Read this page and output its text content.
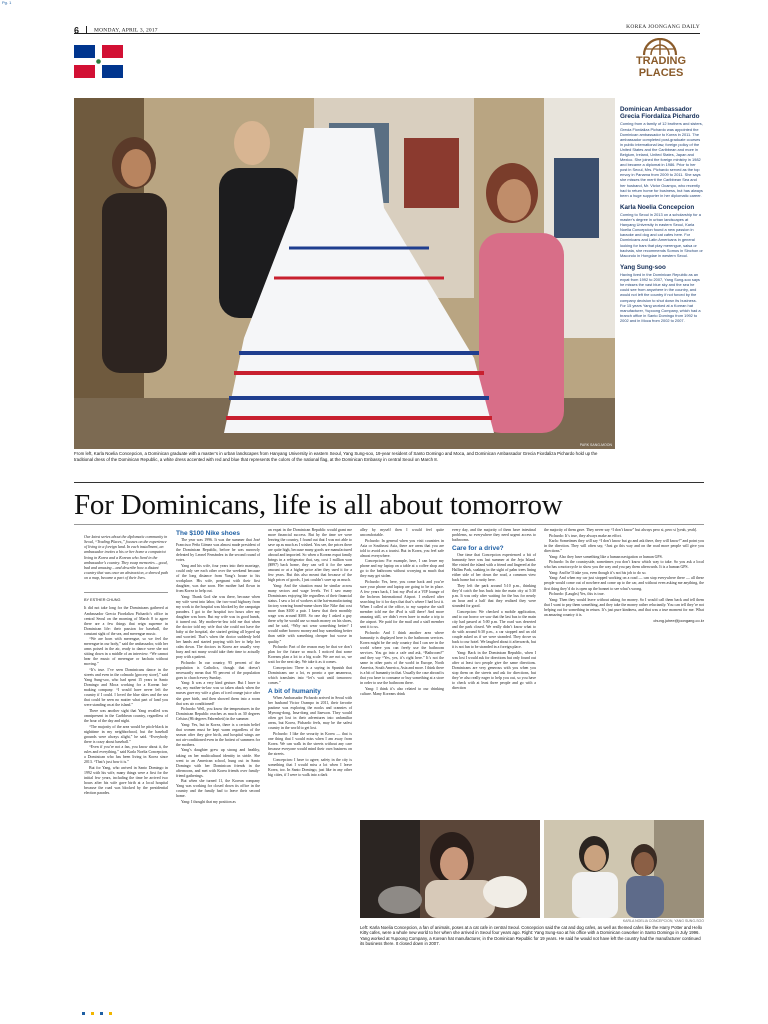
Pg. 1
6	MONDAY, APRIL 3, 2017
KOREA JOONGANG DAILY
TRADING
PLACES
PARK SANG-MOON
From left, Karla Noelia Concepcion, a Dominican graduate with a master’s in urban landscapes from Hanyang University in eastern Seoul, Yang Sung-soo, 19-year resident of Santo Domingo and Moca, and Dominican Ambassador Grecia Fiordaliza Pichardo hold up the traditional dress of the Dominican Republic, a white dress accented with red and blue that represents the colors of the national flag, at the Dominican Embassy in central Seoul on March 8.
Dominican Ambassador Grecia Fiordaliza Pichardo

Coming from a family of 12 brothers and sisters, Grecia Fiordaliza Pichardo was appointed the Dominican ambassador to Korea in 2011. The ambassador completed post-graduate courses in public international law, foreign policy of the United States and the Caribbean and more in Belgium, Ireland, United States, Japan and Mexico. She joined the foreign ministry in 1982 and became a diplomat in 1986. Prior to her post in Seoul, Mrs. Pichardo served as the top envoy in Panama from 2009 to 2011. She says she misses the merit the Caribbean Sea and her husband, Mr. Victor Ocampo, who recently had to return home for business, but has always been a huge supporter in her diplomatic career.

Karla Noelia Concepcion

Coming to Seoul in 2013 on a scholarship for a master’s degree in urban landscapes at Hanyang University in eastern Seoul, Karla Noelia Concepcion found a new passion in karaoke and dog and cat cafes here. For Dominicans and Latin Americans in general looking for bars that play merengue, salsa or bachata, she recommends Somos in Sinchon or Macondo in Hongdae in western Seoul.

Yang Sung-soo

Having lived in the Dominican Republic as an expat from 1992 to 2007, Yang Sung-soo says he misses the vast blue sky and the sea he could see from anywhere in the country, and would not left the country if not forced by the company decision to shut down its business. For 15 years Yang worked at a Korean hat manufacturer, Yupoong Company, which had a branch office in Santo Domingo from 1992 to 2002 and in Moca from 2002 to 2007.

For Dominicans, life is all about tomorrow
Our latest series about the diplomatic community in Seoul, “Trading Places,” focuses on the experience of living in a foreign land. In each installment, an ambassador invites a his or her home a compatriot living in Korea and a Korean who lived in the ambassador’s country. They swap memories – good, bad and amusing – and describe how a distant country that was once an abstraction, a shrewd path on a map, became a part of their lives.
BY ESTHER CHUNG

It did not take long for the Dominicans gathered at Ambassador Grecia Fiordaliza Pichardo’s office in central Seoul on the morning of March 8 to agree there are a few things that reign supreme in Dominican life: their passion for baseball, the constant sight of the sea, and merengue music.

“We are born with merengue, so we feel the merengue in our body,” said the ambassador, with her arms poised in the air, ready to dance were she not sitting down in a middle of an interview. “We cannot hear the music of merengue or bachata without moving.”

“It’s true. I’ve seen Dominicans dance in the streets and even in the colmado [grocery store],” said Yang Sung-soo, who had spent 15 years in Santo Domingo and Moca working for a Korean hat-making company. “I would have never left the country if I could. I loved the blue skies and the sea that could be seen no matter what part of land you were standing on at the island.”

There was another sight that Yang recalled was omnipresent in the Caribbean country, regardless of the hour of the day and night.

“The majority of the area would be pitch-black in nighttime in my neighborhood, but the baseball grounds were always alight,” he said. “Everybody there is crazy about baseball.”

“Even if you’re not a fan, you know about it, the rules and everything,” said Karla Noelia Concepcion, a Dominican who has been living in Korea since 2013. “That’s just how it is.”

But for Yang, who arrived in Santo Domingo in 1992 with his wife, many things were a first for the initial few years, including the time he arrived two hours after his wife gave birth at a local hospital because the road was blocked by the presidential election parades.

The $100 Nike shoes

The year was 1996. It was the summer that José Francisco Peña Gómez was almost made president of the Dominican Republic, before he was narrowly defeated by Leonel Fernández in the second round of votes.

Yang and his wife, four years into their marriage, could only see each other over the weekend because of the long distance from Yang’s house to his workplace. His wife, pregnant with their first daughter, was due soon. Her mother had flown in from Korea to help out.

Yang: Thank God she was there, because when my wife went into labor, the two-road highway from my work to the hospital was blocked by the campaign paraders. I got to the hospital two hours after my daughter was born. But my wife was in good hands, it turned out. My mother-in-law told me that when the doctor told my wife that she could not have the baby at the hospital, she started getting all hyped up and worried. That’s when the doctor suddenly held her hands and started praying with her to help her calm down. The doctors in Korea are usually very busy and not many would take their time to actually pray with a patient.

Pichardo: In our country, 95 percent of the population is Catholics, though that doesn’t necessarily mean that 95 percent of the population goes to church every Sunday.

Yang: It was a very kind gesture. But I have to say, my mother-in-law was so taken aback when the nurses gave my wife a glass of iced orange juice after she gave birth, and then showed them into a room that was air conditioned!

Pichardo: Well, you know the temperatures in the Dominican Republic reaches as much as 30 degrees Celsius (86 degrees Fahrenheit) in the summer.

Yang: Yes, but in Korea, there is a certain belief that women must be kept warm regardless of the season after they give birth, and hospital wings are not air-conditioned even in the hottest of summers for the mothers.

Yang’s daughter grew up strong and healthy, taking on her multicultural identity in stride. She went to an American school, hung out in Santo Domingo with her Dominican friends in the afternoons, and met with Korea friends over family-friend gatherings.

But when she turned 11, the Korean company Yang was working for closed down its office in the country and the family had to leave their second home.

Yang: I thought that my position as

an expat in the Dominican Republic would grant me more financial success. But by the time we were leaving the country, I found out that I was not able to save up as much as I wished. You see, the prices there are quite high, because many goods are manufactured abroad and imported. So when a Korean expat family brings in a refrigerator that, say, cost 1 million won ($897) back home, they can sell it for the same amount or at a higher price after they used it for a few years. But this also meant that because of the high prices of goods, I just couldn’t save up as much.

Yang: And the situation must be similar across many sectors and wage levels. Yet I saw many Dominicans enjoying life regardless of their financial status. I saw a lot of workers at the hat-manufacturing factory wearing brand-name shoes like Nike that cost more than $100 a pair. I knew that their monthly wage was around $300. So one day I asked a guy there why he would use so much money on his shoes, and he said, “Why not wear something better? I would rather borrow money and buy something better than settle with something cheaper but worse in quality.”

Pichardo: Part of the reason may be that we don’t plan for the future so much. I noticed that some Koreans plan a lot to a big scale. We are not so, we wait for the next day. We take it as it comes.

Concepcion: There is a saying in Spanish that Dominicans use a lot, es pronto a que amanezca, which translates into “let’s wait until tomorrow comes.”

A bit of humanity

When Ambassador Pichardo arrived in Seoul with her husband Victor Ocampo in 2011, their favorite pastime was exploring the nooks and crannies of Myeong-dong, Insa-dong and Itaewon. They would often get lost in their adventures into unfamiliar areas, but Korea, Pichardo feels, may be the safest country in the world to get lost.

Pichardo: I like the security in Korea — that is one thing that I would miss when I am away from Korea. We can walk in the streets without any care because everyone would mind their own business on the streets.

Concepcion: I have to agree, safety in the city is something that I would miss a lot when I leave Korea, too. In Santo Domingo, just like in any other big cities, if I were to walk into a dark

alley by myself then I would feel quite uncomfortable.

Pichardo: In general when you visit countries in Asia or Southeast Asia, there are areas that you are told to avoid as a tourist. But in Korea, you feel safe almost everywhere.

Concepcion: For example, here, I can leave my phone and my laptop on a table at a coffee shop and go to the bathroom without worrying as much that they may get stolen.

Pichardo: Yes, here, you come back and you’re sure your phone and laptop are going to be in place. A few years back, I lost my iPod at a VIP lounge of the Incheon International Airport. I realized after searching for it for days that that’s where I had lost it. When I called at the office, to my surprise the staff member told me the iPod is still there! And more amazing still, we didn’t even have to make a trip to the airport. We paid for the mail and a staff member sent it to us.

Pichardo: And I think another area where humanity is displayed here is the bathroom services. Korea might be the only country that I can see in the world where you can freely use the bathroom services. You go into a cafe and ask, “Bathroom?” and they say “Yes, yes, it’s right here.” It’s not the same in other parts of the world in Europe, North America, South America, Asia and more. I think there is a bit of humanity in that. Usually the case abroad is that you have to consume or buy something at a store in order to use the bathroom there.

Yang: I think it’s also related to our drinking culture. Many Koreans drink

every day, and the majority of them have intestinal problems, so everywhere they need urgent access to bathrooms.

Care for a drive?

One time that Concepcion experienced a bit of humanity here was last summer at the Jeju Island. She visited the island with a friend and lingered at the Hallim Park, soaking in the sight of palm trees lining either side of her down the road, a common view back home but a rarity here.

They left the park around 5:10 p.m., thinking they’d catch the bus back into the main city at 5:30 p.m. It was only after waiting for the bus for nearly an hour and a half that they realized they were stranded for good.

Concepcion: We checked a mobile application, and to our horror we saw that the last bus to the main city had passed at 5:00 p.m. The road was deserted and the park closed. We really didn’t know what to do with around 6:30 p.m., a car stopped and an old couple asked us if we were stranded. They drove us back to our hotel. We laughed about it afterwards, but it is not fun to be stranded in a foreign place.

Yang: Back in the Dominican Republic, when I was lost I would ask for directions but only found out after at least two people give the same directions. Dominicans are very generous with you when you stop them on the streets and ask for directions, but they’re also really eager to help you out, so you have to check with at least three people and go with a direction

the majority of them gave. They never say “I don’t know” but always pero si, pero si [yeah, yeah].

Pichardo: It’s true, they always make an effort.

Karla: Sometimes they will say “I don’t know but go and ask there, they will know!” and point you in the direction. They will often say, “Just go this way and on the road more people will give you directions.”

Yang: Also they have something like a human navigation or human GPS.

Pichardo: In the countryside, sometimes you don’t know which way to take. So you ask a local who has a motorcycle to show you the way and you pay them afterwards. It is a human GPS.

Yang: And he’ll take you, even though it’s not his job to do so.

Yang: And when my car just stopped working on a road — can stop everywhere there — all these people would come out of nowhere and come up to the car, and without even asking me anything, the first thing they’d do is open up the bonnet to see what’s wrong.

Pichardo: (Laughs) Yes, this is true.

Yang: Then they would leave without asking for money. So I would call them back and tell them that I want to pay them something, and they take the money rather reluctantly. You can tell they’re not helping out for something in return. It’s just pure kindness, and that was a true moment for me. What an amazing country it is.

chung.juhee@joongang.co.kr
KARLA NOELIA CONCEPCION, YANG SUNG-SOO
Left: Karla Noelia Concepcion, a fan of animals, poses at a cat cafe in central Seoul. Concepcion said the cat and dog cafes, as well as themed cafes like the Harry Potter and Hello Kitty cafes, were a whole new world to her when she arrived in Seoul four years ago. Right: Yang Sung-soo at his office with a Dominican coworker in Santo Domingo in July 1996. Yang worked at Yupoong Company, a Korean hat manufacturer, in the Dominican Republic for 19 years. He said he would not have left the country had the manufacturer continued its business there. It closed down in 2007.
